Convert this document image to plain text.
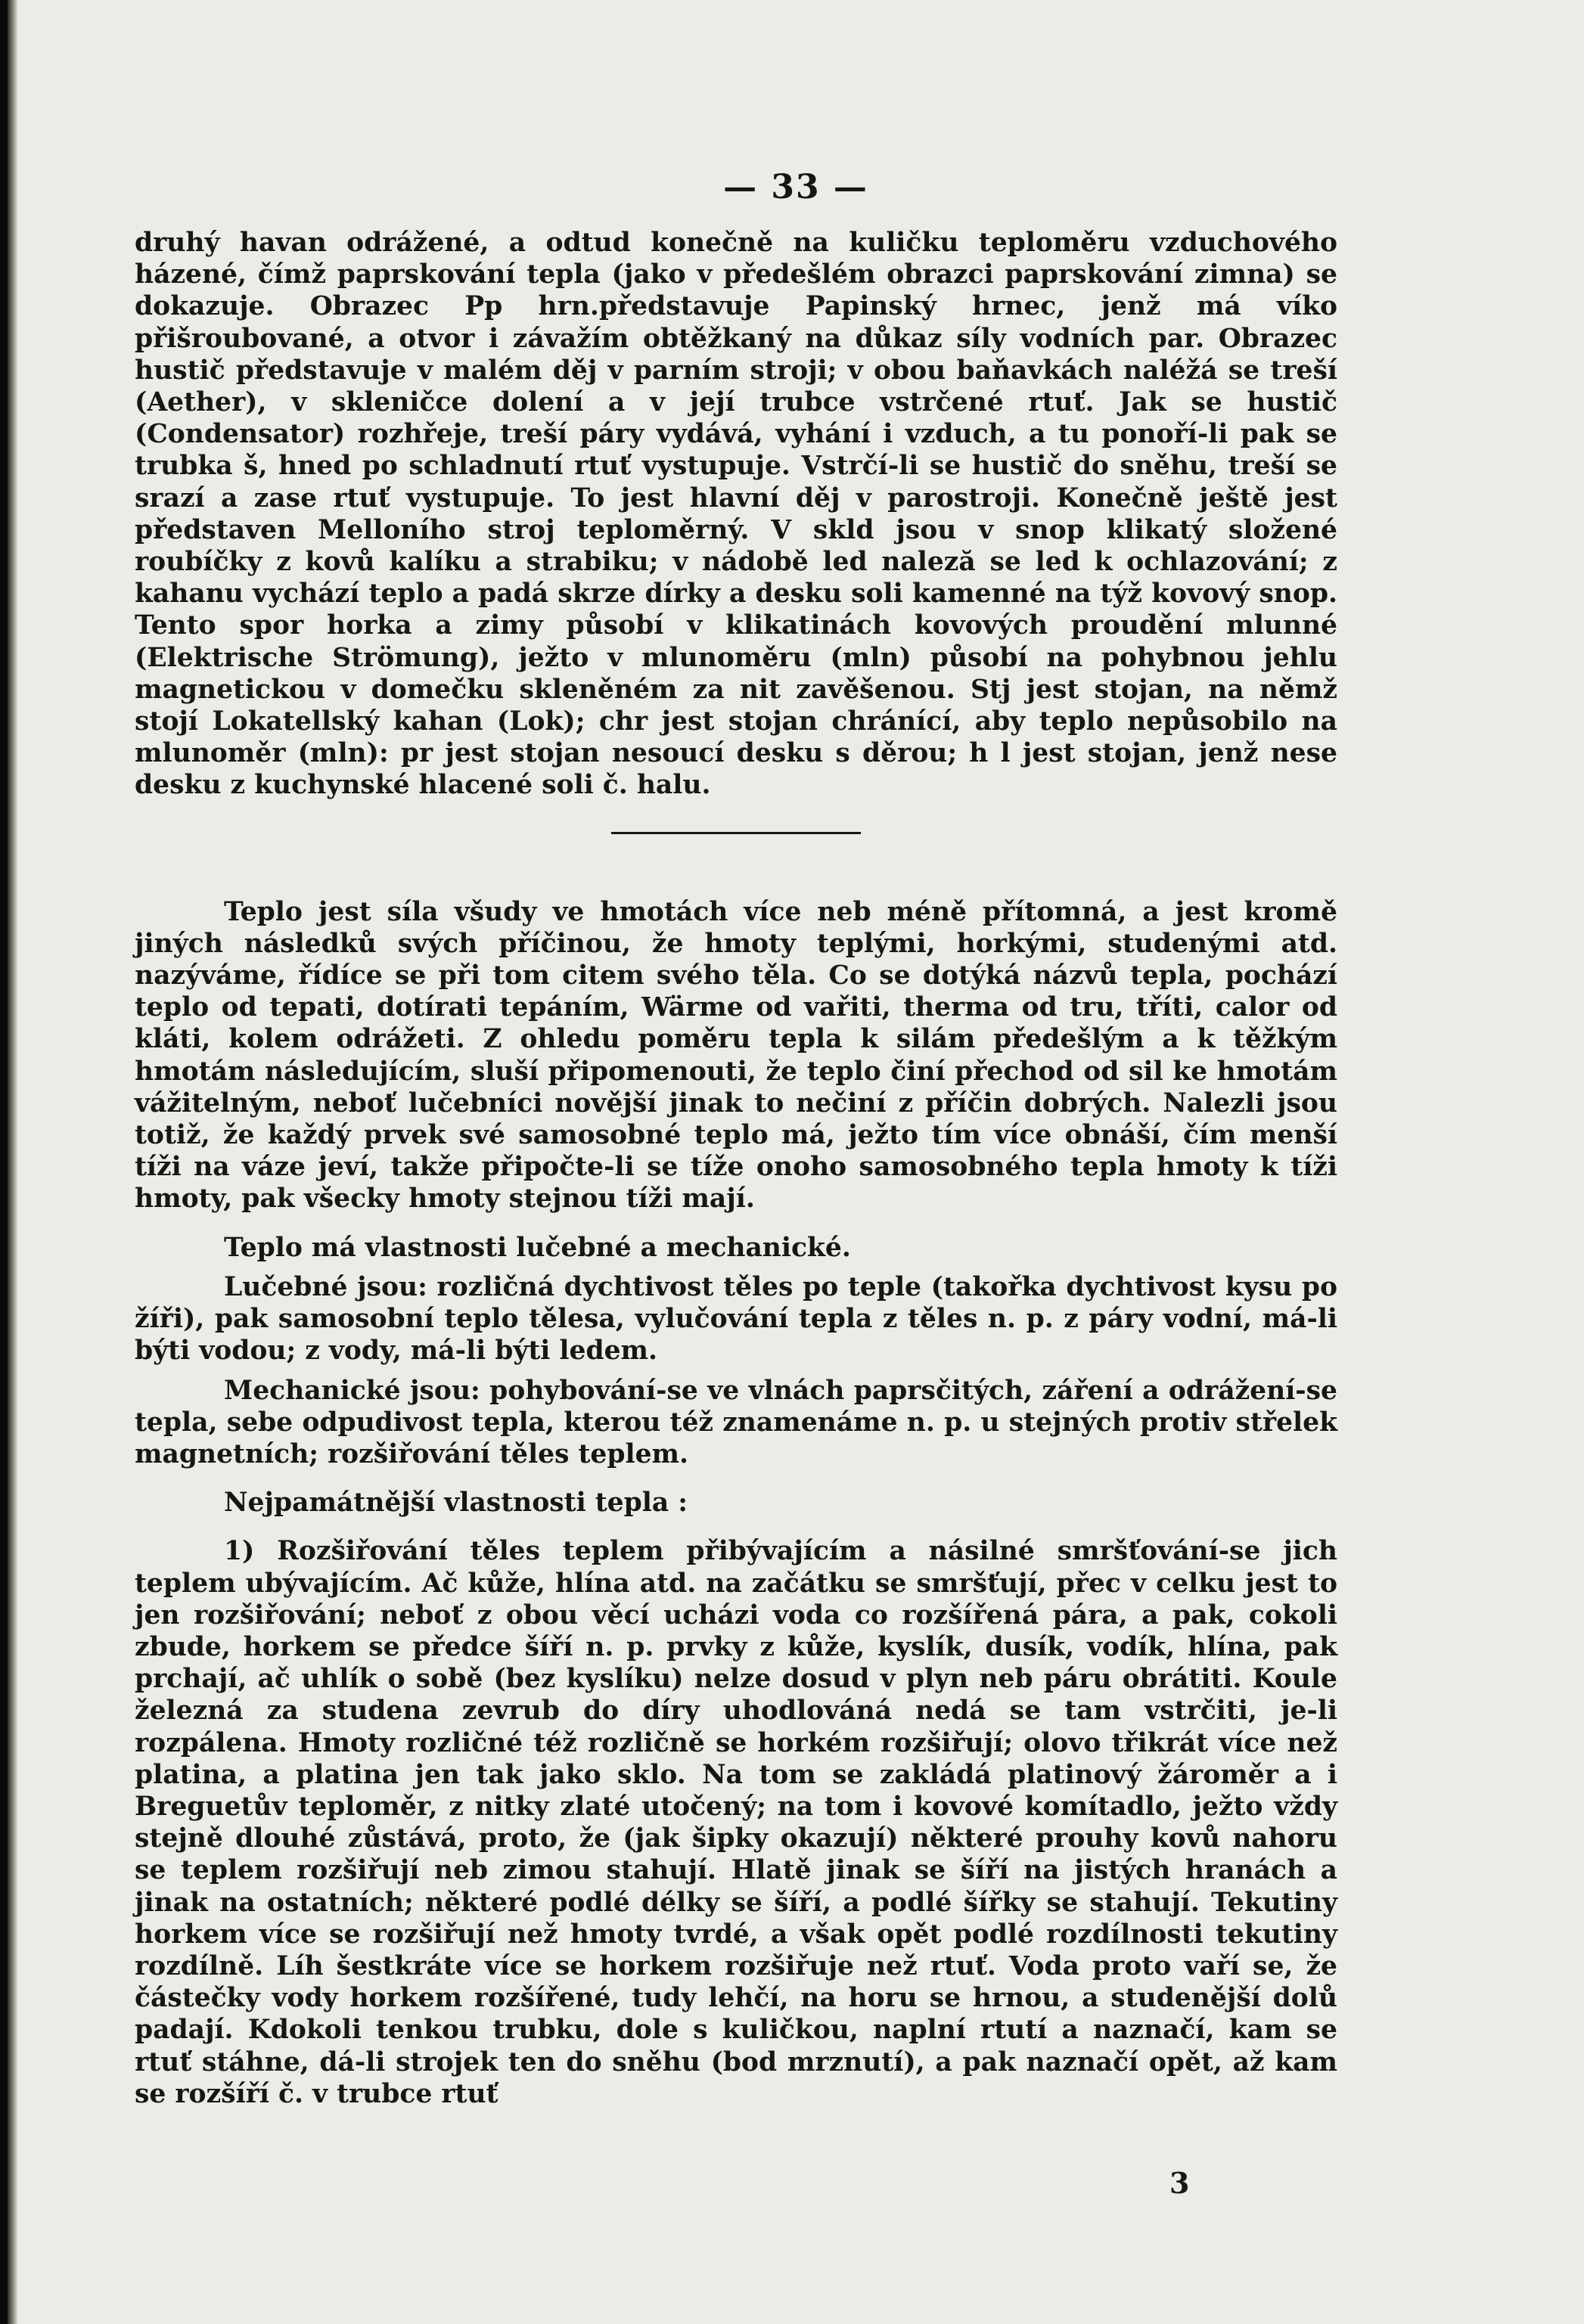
— 33 —

druhý havan odrážené, a odtud konečně na kuličku teploměru vzduchového házené, čímž paprskování tepla (jako v předešlém obrazci paprskování zimna) se dokazuje. Obrazec Pp hrn.představuje Papinský hrnec, jenž má víko přišroubované, a otvor i závažím obtěžkaný na důkaz síly vodních par. Obrazec hustič představuje v malém děj v parním stroji; v obou baňavkách naléžá se treší (Aether), v skleničce dolení a v její trubce vstrčené rtuť. Jak se hustič (Condensator) rozhřeje, treší páry vydává, vyhání i vzduch, a tu ponoří-li pak se trubka š, hned po schladnutí rtuť vystupuje. Vstrčí-li se hustič do sněhu, treší se srazí a zase rtuť vystupuje. To jest hlavní děj v parostroji. Konečně ještě jest představen Melloního stroj teploměrný. V skld jsou v snop klikatý složené roubíčky z kovů kalíku a strabiku; v nádobě led naleză se led k ochlazování; z kahanu vychází teplo a padá skrze dírky a desku soli kamenné na týž kovový snop. Tento spor horka a zimy působí v klikatinách kovových proudění mlunné (Elektrische Strömung), ježto v mlunoměru (mln) působí na pohybnou jehlu magnetickou v domečku skleněném za nit zavěšenou. Stj jest stojan, na němž stojí Lokatellský kahan (Lok); chr jest stojan chránící, aby teplo nepůsobilo na mlunoměr (mln): pr jest stojan nesoucí desku s děrou; h l jest stojan, jenž nese desku z kuchynské hlacené soli č. halu.

Teplo jest síla všudy ve hmotách více neb méně přítomná, a jest kromě jiných následků svých příčinou, že hmoty teplými, horkými, studenými atd. nazýváme, řídíce se při tom citem svého těla. Co se dotýká názvů tepla, pochází teplo od tepati, dotírati tepáním, Wärme od vařiti, therma od tru, tříti, calor od kláti, kolem odrážeti. Z ohledu poměru tepla k silám předešlým a k těžkým hmotám následujícím, sluší připomenouti, že teplo činí přechod od sil ke hmotám vážitelným, neboť lučebníci novější jinak to nečiní z příčin dobrých. Nalezli jsou totiž, že každý prvek své samosobné teplo má, ježto tím více obnáší, čím menší tíži na váze jeví, takže připočte-li se tíže onoho samosobného tepla hmoty k tíži hmoty, pak všecky hmoty stejnou tíži mají.

Teplo má vlastnosti lučebné a mechanické.

Lučebné jsou: rozličná dychtivost těles po teple (takořka dychtivost kysu po žíři), pak samosobní teplo tělesa, vylučování tepla z těles n. p. z páry vodní, má-li býti vodou; z vody, má-li býti ledem.

Mechanické jsou: pohybování-se ve vlnách paprsčitých, záření a odrážení-se tepla, sebe odpudivost tepla, kterou též znamenáme n. p. u stejných protiv střelek magnetních; rozšiřování těles teplem.

Nejpamátnější vlastnosti tepla :

1) Rozšiřování těles teplem přibývajícím a násilné smršťování-se jich teplem ubývajícím. Ač kůže, hlína atd. na začátku se smršťují, přec v celku jest to jen rozšiřování; neboť z obou věcí ucházi voda co rozšířená pára, a pak, cokoli zbude, horkem se předce šíří n. p. prvky z kůže, kyslík, dusík, vodík, hlína, pak prchají, ač uhlík o sobě (bez kyslíku) nelze dosud v plyn neb páru obrátiti. Koule železná za studena zevrub do díry uhodlováná nedá se tam vstrčiti, je-li rozpálena. Hmoty rozličné též rozličně se horkém rozšiřují; olovo třikrát více než platina, a platina jen tak jako sklo. Na tom se zakládá platinový žároměr a i Breguetův teploměr, z nitky zlaté utočený; na tom i kovové komítadlo, ježto vždy stejně dlouhé zůstává, proto, že (jak šipky okazují) některé prouhy kovů nahoru se teplem rozšiřují neb zimou stahují. Hlatě jinak se šíří na jistých hranách a jinak na ostatních; některé podlé délky se šíří, a podlé šířky se stahují. Tekutiny horkem více se rozšiřují než hmoty tvrdé, a však opět podlé rozdílnosti tekutiny rozdílně. Líh šestkráte více se horkem rozšiřuje než rtuť. Voda proto vaří se, že částečky vody horkem rozšířené, tudy lehčí, na horu se hrnou, a studenější dolů padají. Kdokoli tenkou trubku, dole s kuličkou, naplní rtutí a naznačí, kam se rtuť stáhne, dá-li strojek ten do sněhu (bod mrznutí), a pak naznačí opět, až kam se rozšíří č. v trubce rtuť

3
